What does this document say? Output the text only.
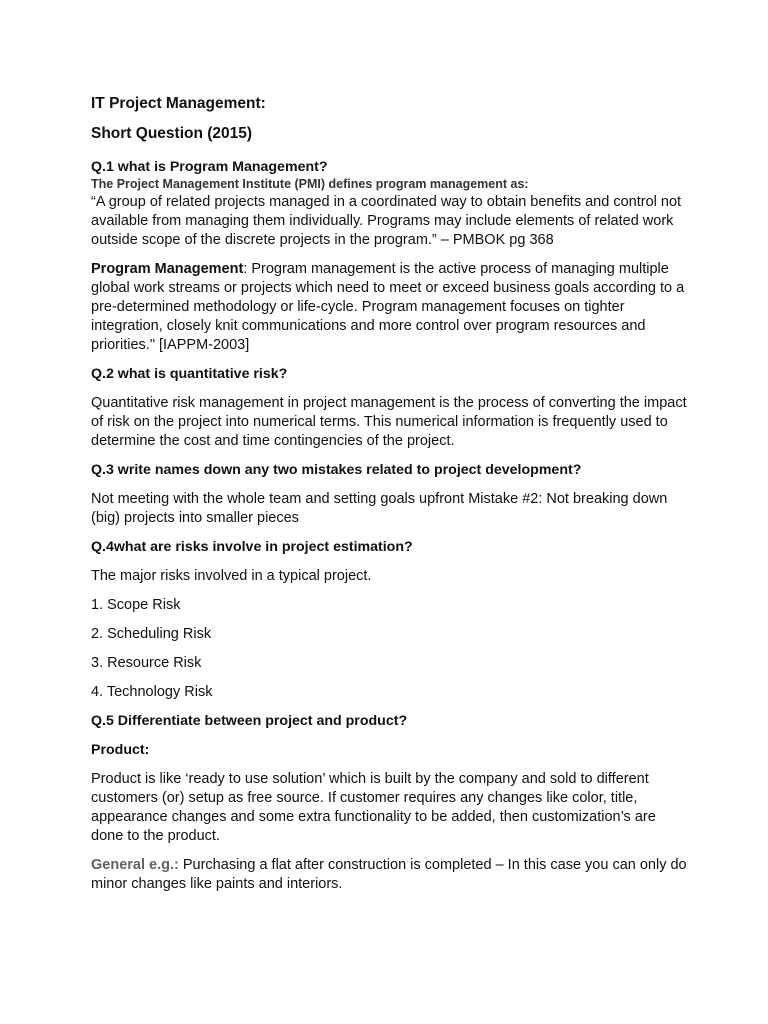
IT Project Management:
Short Question (2015)
Q.1 what is Program Management?
The Project Management Institute (PMI) defines program management as:

“A group of related projects managed in a coordinated way to obtain benefits and control not available from managing them individually. Programs may include elements of related work outside scope of the discrete projects in the program.” – PMBOK pg 368

Program Management: Program management is the active process of managing multiple global work streams or projects which need to meet or exceed business goals according to a pre-determined methodology or life-cycle. Program management focuses on tighter integration, closely knit communications and more control over program resources and priorities." [IAPPM-2003]

Q.2 what is quantitative risk?

Quantitative risk management in project management is the process of converting the impact of risk on the project into numerical terms. This numerical information is frequently used to determine the cost and time contingencies of the project.

Q.3 write names down any two mistakes related to project development?

Not meeting with the whole team and setting goals upfront Mistake #2: Not breaking down (big) projects into smaller pieces

Q.4what are risks involve in project estimation?

The major risks involved in a typical project.

1. Scope Risk
2. Scheduling Risk
3. Resource Risk
4. Technology Risk
Q.5 Differentiate between project and product?
Product:

Product is like ‘ready to use solution’ which is built by the company and sold to different customers (or) setup as free source. If customer requires any changes like color, title, appearance changes and some extra functionality to be added, then customization’s are done to the product.

General e.g.: Purchasing a flat after construction is completed – In this case you can only do minor changes like paints and interiors.
